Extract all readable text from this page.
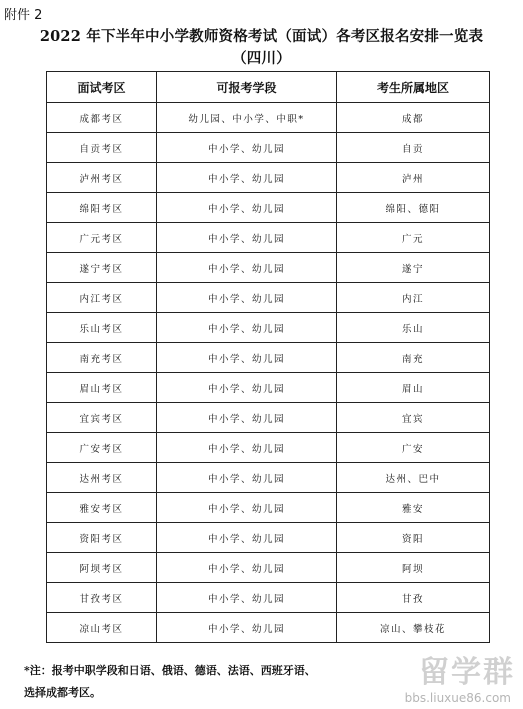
附件 2
2022 年下半年中小学教师资格考试（面试）各考区报名安排一览表
（四川）
面试考区	可报考学段	考生所属地区
成都考区	幼儿园、中小学、中职*	成都
自贡考区	中小学、幼儿园	自贡
泸州考区	中小学、幼儿园	泸州
绵阳考区	中小学、幼儿园	绵阳、德阳
广元考区	中小学、幼儿园	广元
遂宁考区	中小学、幼儿园	遂宁
内江考区	中小学、幼儿园	内江
乐山考区	中小学、幼儿园	乐山
南充考区	中小学、幼儿园	南充
眉山考区	中小学、幼儿园	眉山
宜宾考区	中小学、幼儿园	宜宾
广安考区	中小学、幼儿园	广安
达州考区	中小学、幼儿园	达州、巴中
雅安考区	中小学、幼儿园	雅安
资阳考区	中小学、幼儿园	资阳
阿坝考区	中小学、幼儿园	阿坝
甘孜考区	中小学、幼儿园	甘孜
凉山考区	中小学、幼儿园	凉山、攀枝花
*注：报考中职学段和日语、俄语、德语、法语、西班牙语、
选择成都考区。
留学群
bbs.liuxue86.com
